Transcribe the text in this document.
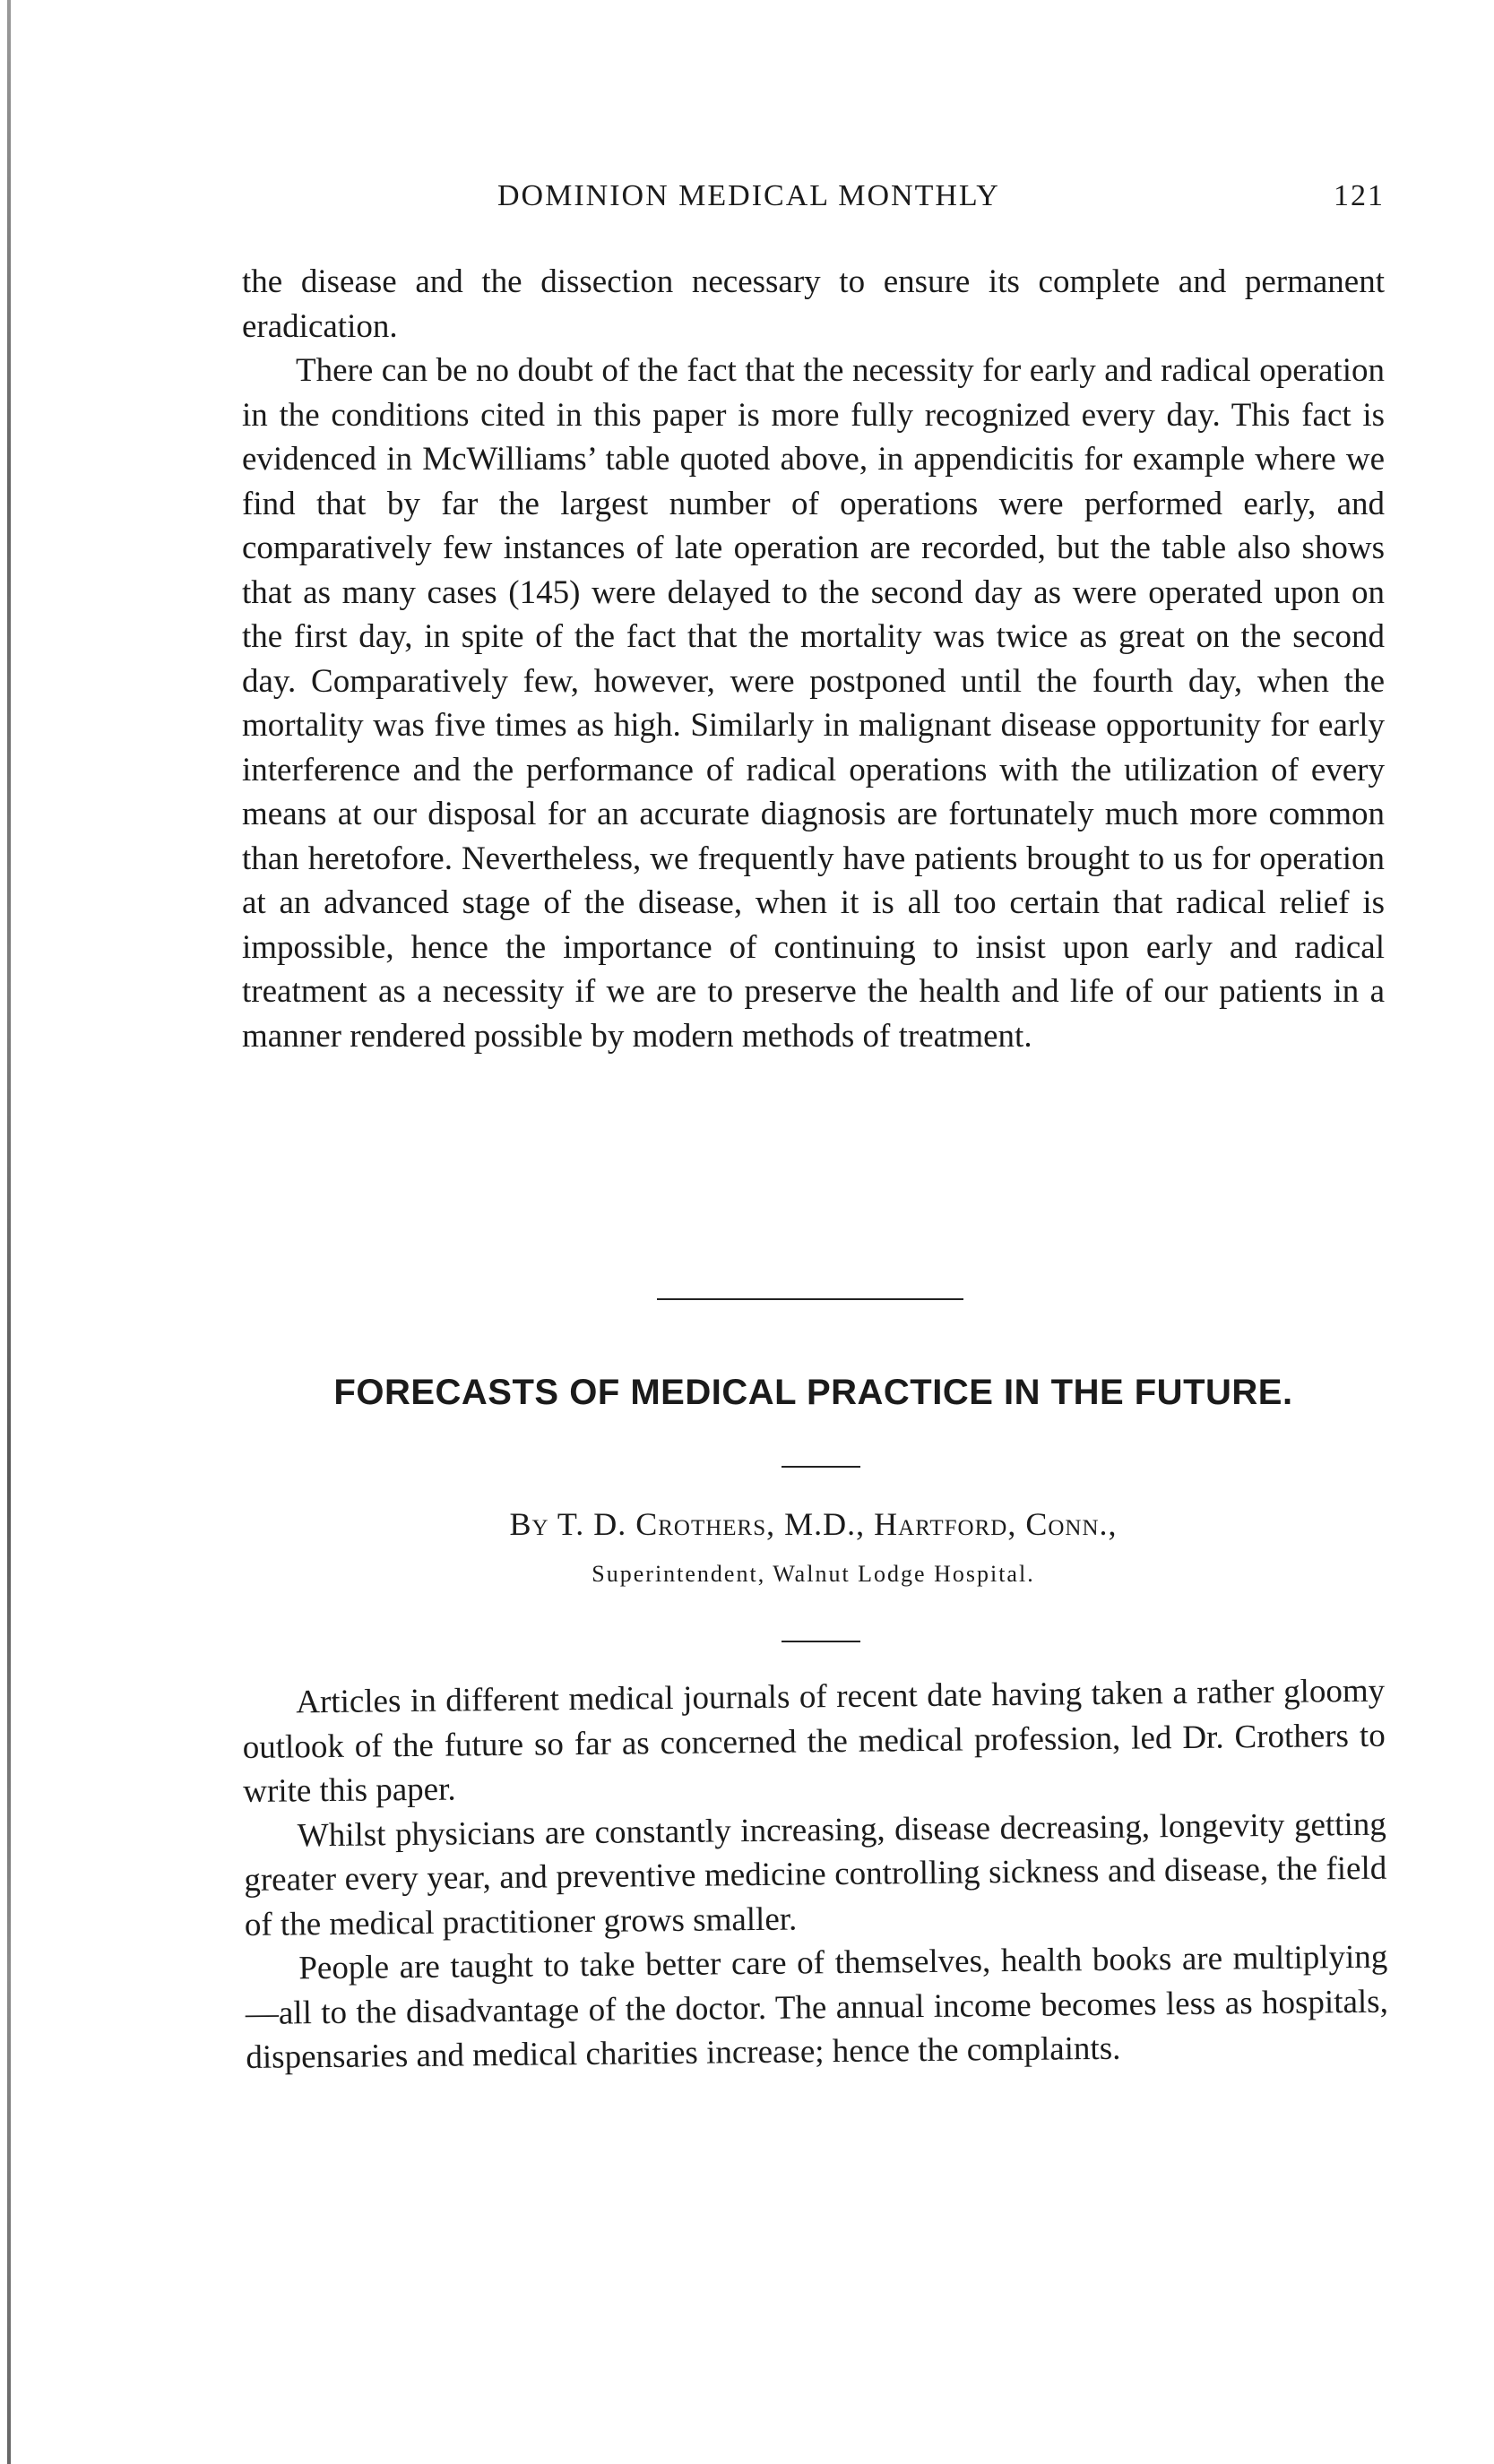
DOMINION MEDICAL MONTHLY	121

the disease and the dissection necessary to ensure its complete and permanent eradication.

There can be no doubt of the fact that the necessity for early and radical operation in the conditions cited in this paper is more fully recognized every day. This fact is evidenced in McWilliams’ table quoted above, in appendicitis for example where we find that by far the largest number of operations were performed early, and comparatively few instances of late operation are recorded, but the table also shows that as many cases (145) were delayed to the second day as were operated upon on the first day, in spite of the fact that the mortality was twice as great on the second day. Comparatively few, however, were postponed until the fourth day, when the mortality was five times as high. Similarly in malignant disease opportunity for early interference and the performance of radical operations with the utilization of every means at our disposal for an accurate diagnosis are fortunately much more common than heretofore. Nevertheless, we frequently have patients brought to us for operation at an advanced stage of the disease, when it is all too certain that radical relief is impossible, hence the importance of continuing to insist upon early and radical treatment as a necessity if we are to preserve the health and life of our patients in a manner rendered possible by modern methods of treatment.

FORECASTS OF MEDICAL PRACTICE IN THE FUTURE.
By T. D. Crothers, M.D., Hartford, Conn.,
Superintendent, Walnut Lodge Hospital.

Articles in different medical journals of recent date having taken a rather gloomy outlook of the future so far as concerned the medical profession, led Dr. Crothers to write this paper.

Whilst physicians are constantly increasing, disease decreasing, longevity getting greater every year, and preventive medicine controlling sickness and disease, the field of the medical practitioner grows smaller.

People are taught to take better care of themselves, health books are multiplying—all to the disadvantage of the doctor. The annual income becomes less as hospitals, dispensaries and medical charities increase; hence the complaints.
